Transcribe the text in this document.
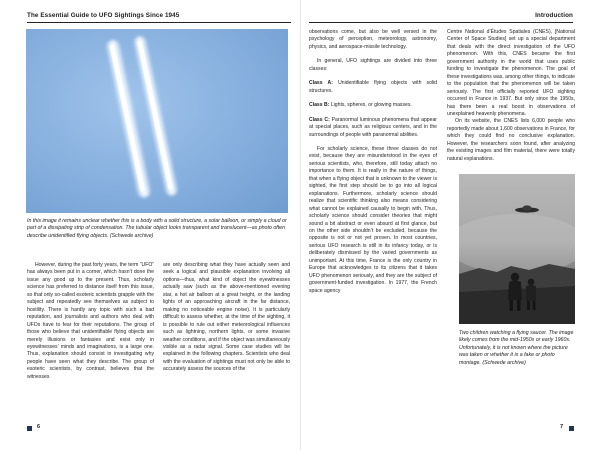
The Essential Guide to UFO Sightings Since 1945	Introduction
In this image it remains unclear whether this is a body with a solid structure, a solar balloon, or simply a cloud or part of a dissipating strip of condensation. The tubular object looks transparent and translucent—as photo often describe unidentified flying objects. (Schwede archive)

However, during the past forty years, the term “UFO” has always been put in a corner, which hasn’t done the issue any good up to the present. Thus, scholarly science has preferred to distance itself from this issue, so that only so-called esoteric scientists grapple with the subject and repeatedly see themselves as subject to hostility. There is hardly any topic with such a bad reputation, and journalists and authors who deal with UFOs have to fear for their reputations. The group of those who believe that unidentifiable flying objects are merely illusions or fantasies and exist only in eyewitnesses’ minds and imaginations, is a large one. Thus, explanation should consist in investigating why people have seen what they describe. The group of esoteric scientists, by contrast, believes that the witnesses

are only describing what they have actually seen and seek a logical and plausible explanation involving all options—thus, what kind of object the eyewitnesses actually saw (such as the above-mentioned evening star, a hot air balloon at a great height, or the landing lights of an approaching aircraft in the far distance, making no noticeable engine noise). It is particularly difficult to assess whether, at the time of the sighting, it is possible to rule out either meteorological influences such as lightning, northern lights, or some invasive weather conditions, and if the object was simultaneously visible as a radar signal. Some case studies will be explained in the following chapters. Scientists who deal with the evaluation of sightings must not only be able to accurately assess the sources of the

observations come, but also be well versed in the psychology of perception, meteorology, astronomy, physics, and aerospace-missile technology.

In general, UFO sightings are divided into three classes:

Class A: Unidentifiable flying objects with solid structures.

Class B: Lights, spheres, or glowing masses.

Class C: Paranormal luminous phenomena that appear at special places, such as religious centers, and in the surroundings of people with paranormal abilities.

For scholarly science, these three classes do not exist, because they are misunderstood in the eyes of serious scientists, who, therefore, still today attach no importance to them. It is really in the nature of things, that when a flying object that is unknown to the viewer is sighted, the first step should be to go into all logical explanations. Furthermore, scholarly science should realize that scientific thinking also means considering what cannot be explained causally to begin with. Thus, scholarly science should consider theories that might sound a bit abstract or even absurd at first glance, but on the other side shouldn’t be excluded, because the opposite is not or not yet proven. In most countries, serious UFO research is still in its infancy today, or is deliberately dismissed by the varied governments as unimportant. At this time, France is the only country in Europe that acknowledges to its citizens that it takes UFO phenomenon seriously, and they are the subject of government-funded investigation. In 1977, the French space agency

Centre National d’Études Spatiales (CNES), [National Center of Space Studies] set up a special department that deals with the direct investigation of the UFO phenomenon. With this, CNES became the first government authority in the world that uses public funding to investigate the phenomenon. The goal of these investigations was, among other things, to indicate to the population that the phenomenon will be taken seriously. The first officially reported UFO sighting occurred in France in 1937. But only since the 1950s, has there been a real boost in observations of unexplained heavenly phenomena.

On its website, the CNES lists 6,000 people who reportedly made about 1,600 observations in France, for which they could find no conclusive explanation. However, the researchers soon found, after analyzing the existing images and film material, there were totally natural explanations.

Two children watching a flying saucer. The image likely comes from the mid-1950s or early 1960s. Unfortunately, it is not known where the picture was taken or whether it is a fake or photo montage. (Schwede archive)
6	7
